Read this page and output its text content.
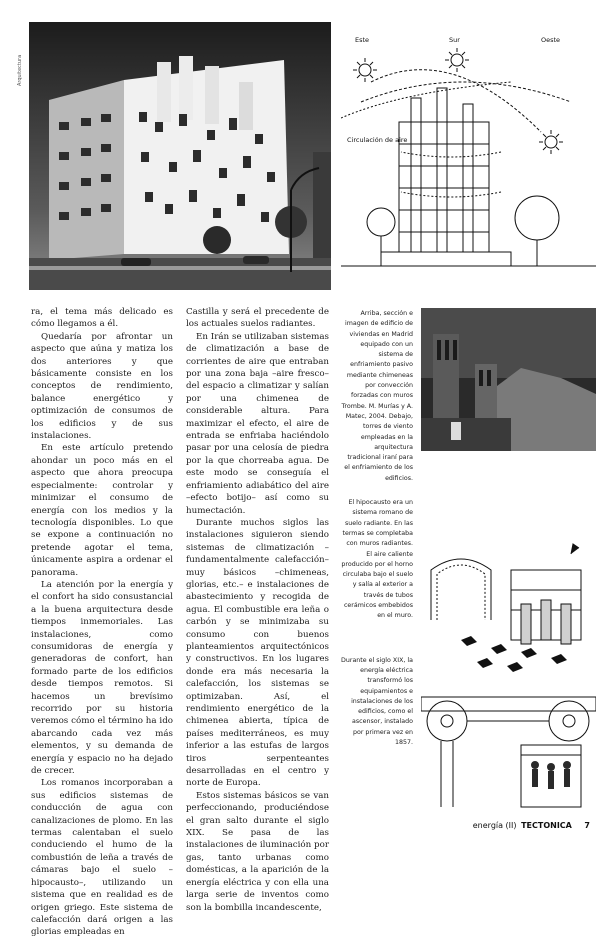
Arquitectura
Este	Sur	Oeste
Circulación de aire

ra, el tema más delicado es cómo llegamos a él.

Quedaría por afrontar un aspecto que aúna y matiza los dos anteriores y que básicamente consiste en los conceptos de rendimiento, balance energético y optimización de consumos de los edificios y de sus instalaciones.

En este artículo pretendo ahondar un poco más en el aspecto que ahora preocupa especialmente: controlar y minimizar el consumo de energía con los medios y la tecnología disponibles. Lo que se expone a continuación no pretende agotar el tema, únicamente aspira a ordenar el panorama.

La atención por la energía y el confort ha sido consustancial a la buena arquitectura desde tiempos inmemoriales. Las instalaciones, como consumidoras de energía y generadoras de confort, han formado parte de los edificios desde tiempos remotos. Si hacemos un brevísimo recorrido por su historia veremos cómo el término ha ido abarcando cada vez más elementos, y su demanda de energía y espacio no ha dejado de crecer.

Los romanos incorporaban a sus edificios sistemas de conducción de agua con canalizaciones de plomo. En las termas calentaban el suelo conduciendo el humo de la combustión de leña a través de cámaras bajo el suelo –hipocausto–, utilizando un sistema que en realidad es de origen griego. Este sistema de calefacción dará origen a las glorias empleadas en

Castilla y será el precedente de los actuales suelos radiantes.

En Irán se utilizaban sistemas de climatización a base de corrientes de aire que entraban por una zona baja –aire fresco– del espacio a climatizar y salían por una chimenea de considerable altura. Para maximizar el efecto, el aire de entrada se enfriaba haciéndolo pasar por una celosía de piedra por la que chorreaba agua. De este modo se conseguía el enfriamiento adiabático del aire –efecto botijo– así como su humectación.

Durante muchos siglos las instalaciones siguieron siendo sistemas de climatización –fundamentalmente calefacción– muy básicos –chimeneas, glorias, etc.– e instalaciones de abastecimiento y recogida de agua. El combustible era leña o carbón y se minimizaba su consumo con buenos planteamientos arquitectónicos y constructivos. En los lugares donde era más necesaria la calefacción, los sistemas se optimizaban. Así, el rendimiento energético de la chimenea abierta, típica de países mediterráneos, es muy inferior a las estufas de largos tiros serpenteantes desarrolladas en el centro y norte de Europa.

Estos sistemas básicos se van perfeccionando, produciéndose el gran salto durante el siglo XIX. Se pasa de las instalaciones de iluminación por gas, tanto urbanas como domésticas, a la aparición de la energía eléctrica y con ella una larga serie de inventos como son la bombilla incandescente,

Arriba, sección e imagen de edificio de viviendas en Madrid equipado con un sistema de enfriamiento pasivo mediante chimeneas por convección forzadas con muros Trombe. M. Murías y A. Matec, 2004. Debajo, torres de viento empleadas en la arquitectura tradicional iraní para el enfriamiento de los edificios.

El hipocausto era un sistema romano de suelo radiante. En las termas se completaba con muros radiantes. El aire caliente producido por el horno circulaba bajo el suelo y salía al exterior a través de tubos cerámicos embebidos en el muro.

Durante el siglo XIX, la energía eléctrica transformó los equipamientos e instalaciones de los edificios, como el ascensor, instalado por primera vez en 1857.

energía (II) TECTONICA 7
